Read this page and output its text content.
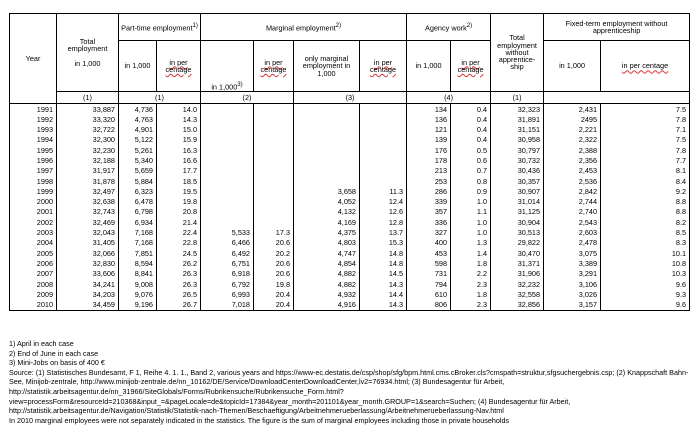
Year	Total employment

in 1,000	Part-time employment$^{1)}$		Marginal employment$^{2)}$				Agency work$^{2)}$		Total employment without apprentice-ship	Fixed-term employment without apprenticeship	
		in 1,000	in per centage	in 1,000$^{3)}$	in per centage	only marginal employment in 1,000	in per centage	in 1,000	in per centage		in 1,000	in per centage
	(1)	(1)		(2)		(3)		(4)		(1)		
1991	33,887	4,736	14.0					134	0.4	32,323	2,431	7.5
1992	33,320	4,763	14.3					136	0.4	31,891	2495	7.8
1993	32,722	4,901	15.0					121	0.4	31,151	2,221	7.1
1994	32,300	5,122	15.9					139	0.4	30,958	2,322	7.5
1995	32,230	5,261	16.3					176	0.5	30,797	2,388	7.8
1996	32,188	5,340	16.6					178	0.6	30,732	2,356	7.7
1997	31,917	5,659	17.7					213	0.7	30,436	2,453	8.1
1998	31,878	5,884	18.5					253	0.8	30,357	2,536	8.4
1999	32,497	6,323	19.5			3,658	11.3	286	0.9	30,907	2,842	9.2
2000	32,638	6,478	19.8			4,052	12.4	339	1.0	31,014	2,744	8.8
2001	32,743	6,798	20.8			4,132	12.6	357	1.1	31,125	2,740	8.8
2002	32,469	6,934	21.4			4,169	12.8	336	1.0	30,904	2,543	8.2
2003	32,043	7,168	22.4	5,533	17.3	4,375	13.7	327	1.0	30,513	2,603	8.5
2004	31,405	7,168	22.8	6,466	20.6	4,803	15.3	400	1.3	29,822	2,478	8.3
2005	32,066	7,851	24.5	6,492	20.2	4,747	14.8	453	1.4	30,470	3,075	10.1
2006	32,830	8,594	26.2	6,751	20.6	4,854	14.8	598	1.8	31,371	3,389	10.8
2007	33,606	8,841	26.3	6,918	20.6	4,882	14.5	731	2.2	31,906	3,291	10.3
2008	34,241	9,008	26.3	6,792	19.8	4,882	14.3	794	2.3	32,232	3,106	9.6
2009	34,203	9,076	26.5	6,993	20.4	4,932	14.4	610	1.8	32,558	3,026	9.3
2010	34,459	9,196	26.7	7,018	20.4	4,916	14.3	806	2.3	32,856	3,157	9.6
1) April in each case
2) End of June in each case
3) Mini-Jobs on basis of 400 €
Source: (1) Statistisches Bundesamt, F 1, Reihe 4. 1. 1., Band 2, various years and https://www-ec.destatis.de/csp/shop/sfg/bpm.html.cms.cBroker.cls?cmspath=struktur,sfgsuchergebnis.csp; (2) Knappschaft Bahn-See, Minijob-zentrale, http://www.minijob-zentrale.de/nn_10162/DE/Service/DownloadCenterDownloadCenter,lv2=76934.html; (3) Bundesagentur für Arbeit, http://statistik.arbeitsagentur.de/nn_31966/SiteGlobals/Forms/Rubrikensuche/Rubrikensuche_Form.html?view=processForm&resourceId=210368&input_=&pageLocale=de&topicId=17384&year_month=201101&year_month.GROUP=1&search=Suchen; (4) Bundesagentur für Arbeit, http://statistik.arbeitsagentur.de/Navigation/Statistik/Statistik-nach-Themen/Beschaeftigung/Arbeitnehmerueberlassung/Arbeitnehmerueberlassung-Nav.html
In 2010 marginal employees were not separately indicated in the statistics. The figure is the sum of marginal employees including those in private households
